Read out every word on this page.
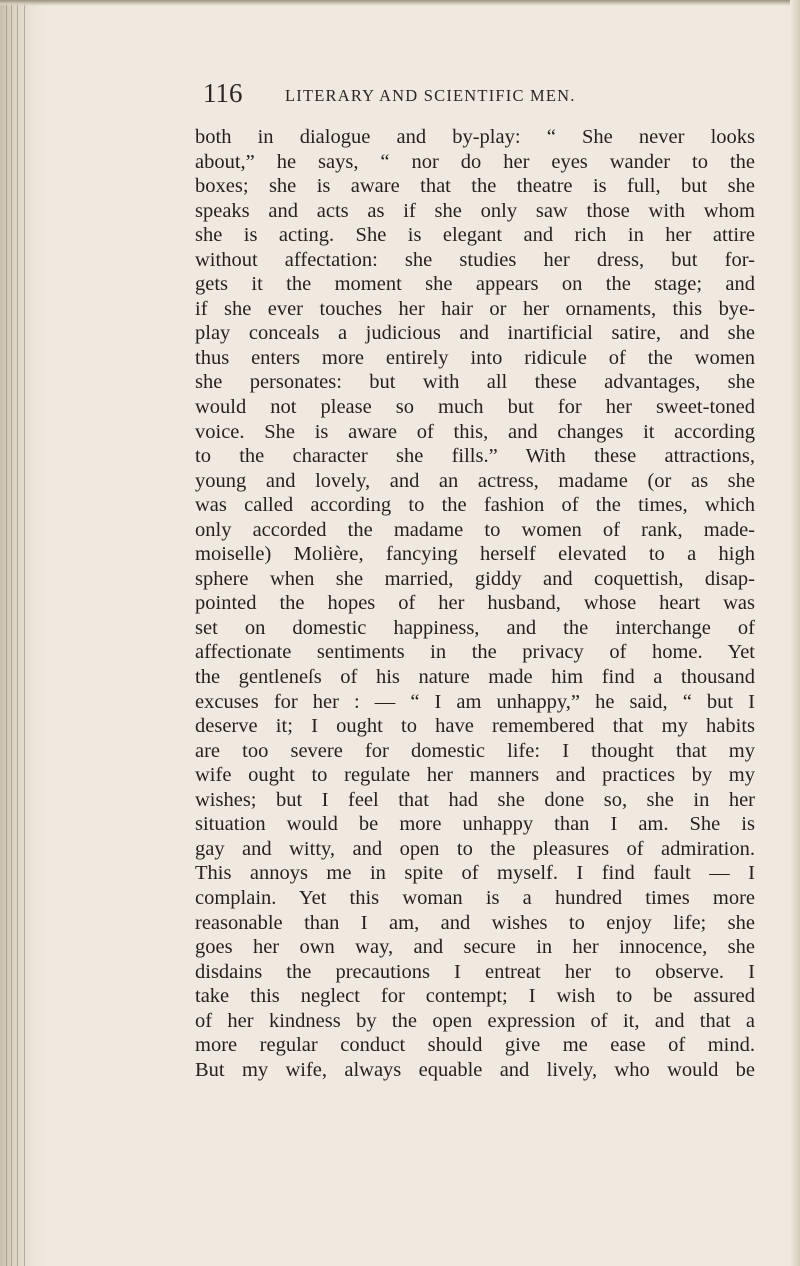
116	LITERARY AND SCIENTIFIC MEN.
both in dialogue and by-play: “ She never looks
about,” he says, “ nor do her eyes wander to the
boxes; she is aware that the theatre is full, but she
speaks and acts as if she only saw those with whom
she is acting. She is elegant and rich in her attire
without affectation: she studies her dress, but for-
gets it the moment she appears on the stage; and
if she ever touches her hair or her ornaments, this bye-
play conceals a judicious and inartificial satire, and she
thus enters more entirely into ridicule of the women
she personates: but with all these advantages, she
would not please so much but for her sweet-toned
voice. She is aware of this, and changes it according
to the character she fills.” With these attractions,
young and lovely, and an actress, madame (or as she
was called according to the fashion of the times, which
only accorded the madame to women of rank, made-
moiselle) Molière, fancying herself elevated to a high
sphere when she married, giddy and coquettish, disap-
pointed the hopes of her husband, whose heart was
set on domestic happiness, and the interchange of
affectionate sentiments in the privacy of home. Yet
the gentleneſs of his nature made him find a thousand
excuses for her : — “ I am unhappy,” he said, “ but I
deserve it; I ought to have remembered that my habits
are too severe for domestic life: I thought that my
wife ought to regulate her manners and practices by my
wishes; but I feel that had she done so, she in her
situation would be more unhappy than I am. She is
gay and witty, and open to the pleasures of admiration.
This annoys me in spite of myself. I find fault — I
complain. Yet this woman is a hundred times more
reasonable than I am, and wishes to enjoy life; she
goes her own way, and secure in her innocence, she
disdains the precautions I entreat her to observe. I
take this neglect for contempt; I wish to be assured
of her kindness by the open expression of it, and that a
more regular conduct should give me ease of mind.
But my wife, always equable and lively, who would be
